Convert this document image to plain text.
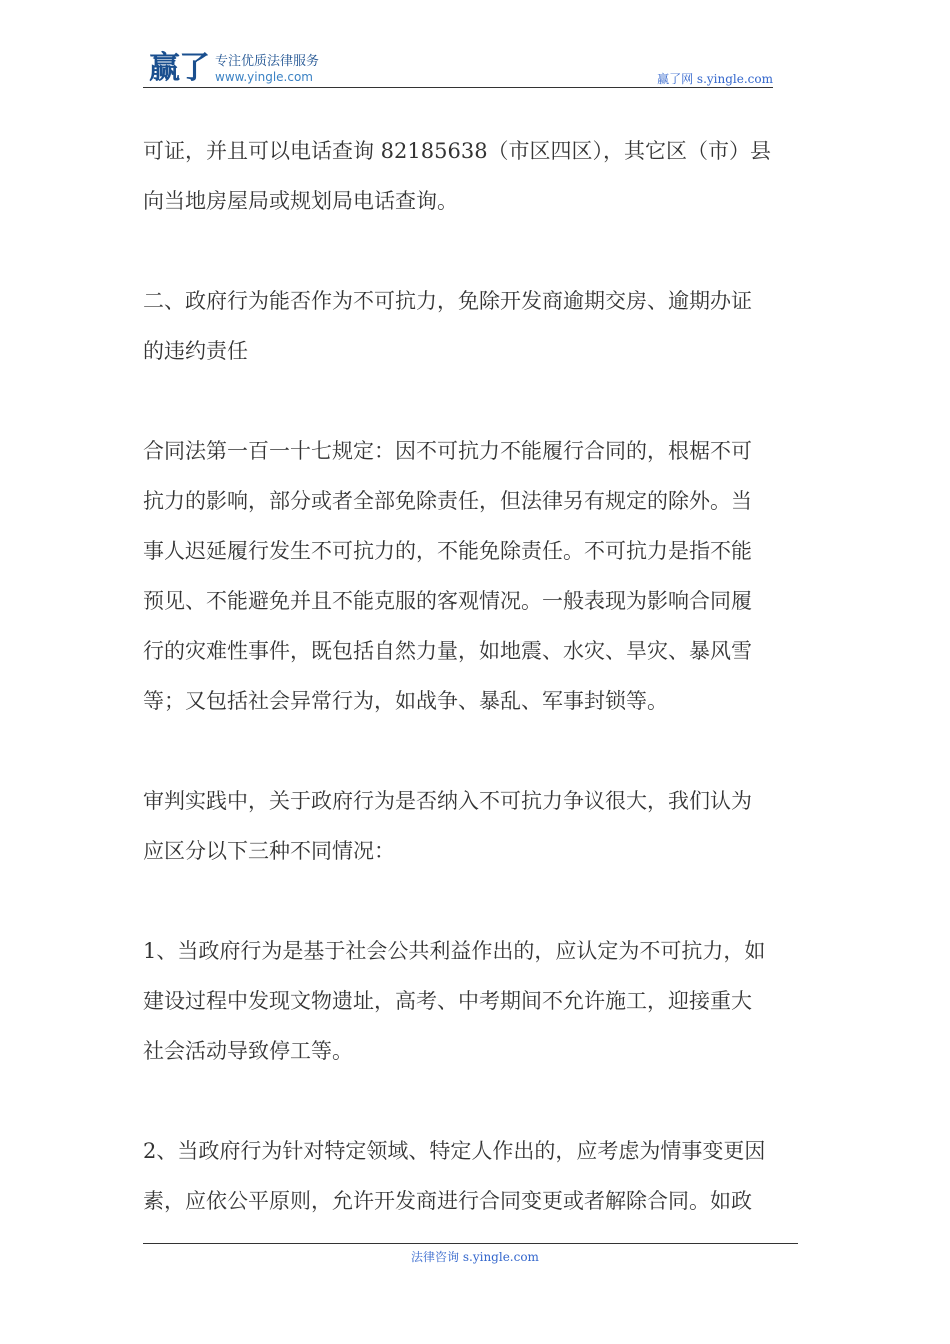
赢了 专注优质法律服务
www.yingle.com	赢了网 s.yingle.com

可证，并且可以电话查询 82185638（市区四区），其它区（市）县
向当地房屋局或规划局电话查询。

二、政府行为能否作为不可抗力，免除开发商逾期交房、逾期办证
的违约责任

合同法第一百一十七规定：因不可抗力不能履行合同的，根椐不可
抗力的影响，部分或者全部免除责任，但法律另有规定的除外。当
事人迟延履行发生不可抗力的，不能免除责任。不可抗力是指不能
预见、不能避免并且不能克服的客观情况。一般表现为影响合同履
行的灾难性事件，既包括自然力量，如地震、水灾、旱灾、暴风雪
等；又包括社会异常行为，如战争、暴乱、军事封锁等。

审判实践中，关于政府行为是否纳入不可抗力争议很大，我们认为
应区分以下三种不同情况：

1、当政府行为是基于社会公共利益作出的，应认定为不可抗力，如
建设过程中发现文物遗址，高考、中考期间不允许施工，迎接重大
社会活动导致停工等。

2、当政府行为针对特定领域、特定人作出的，应考虑为情事变更因
素，应依公平原则，允许开发商进行合同变更或者解除合同。如政

法律咨询 s.yingle.com
